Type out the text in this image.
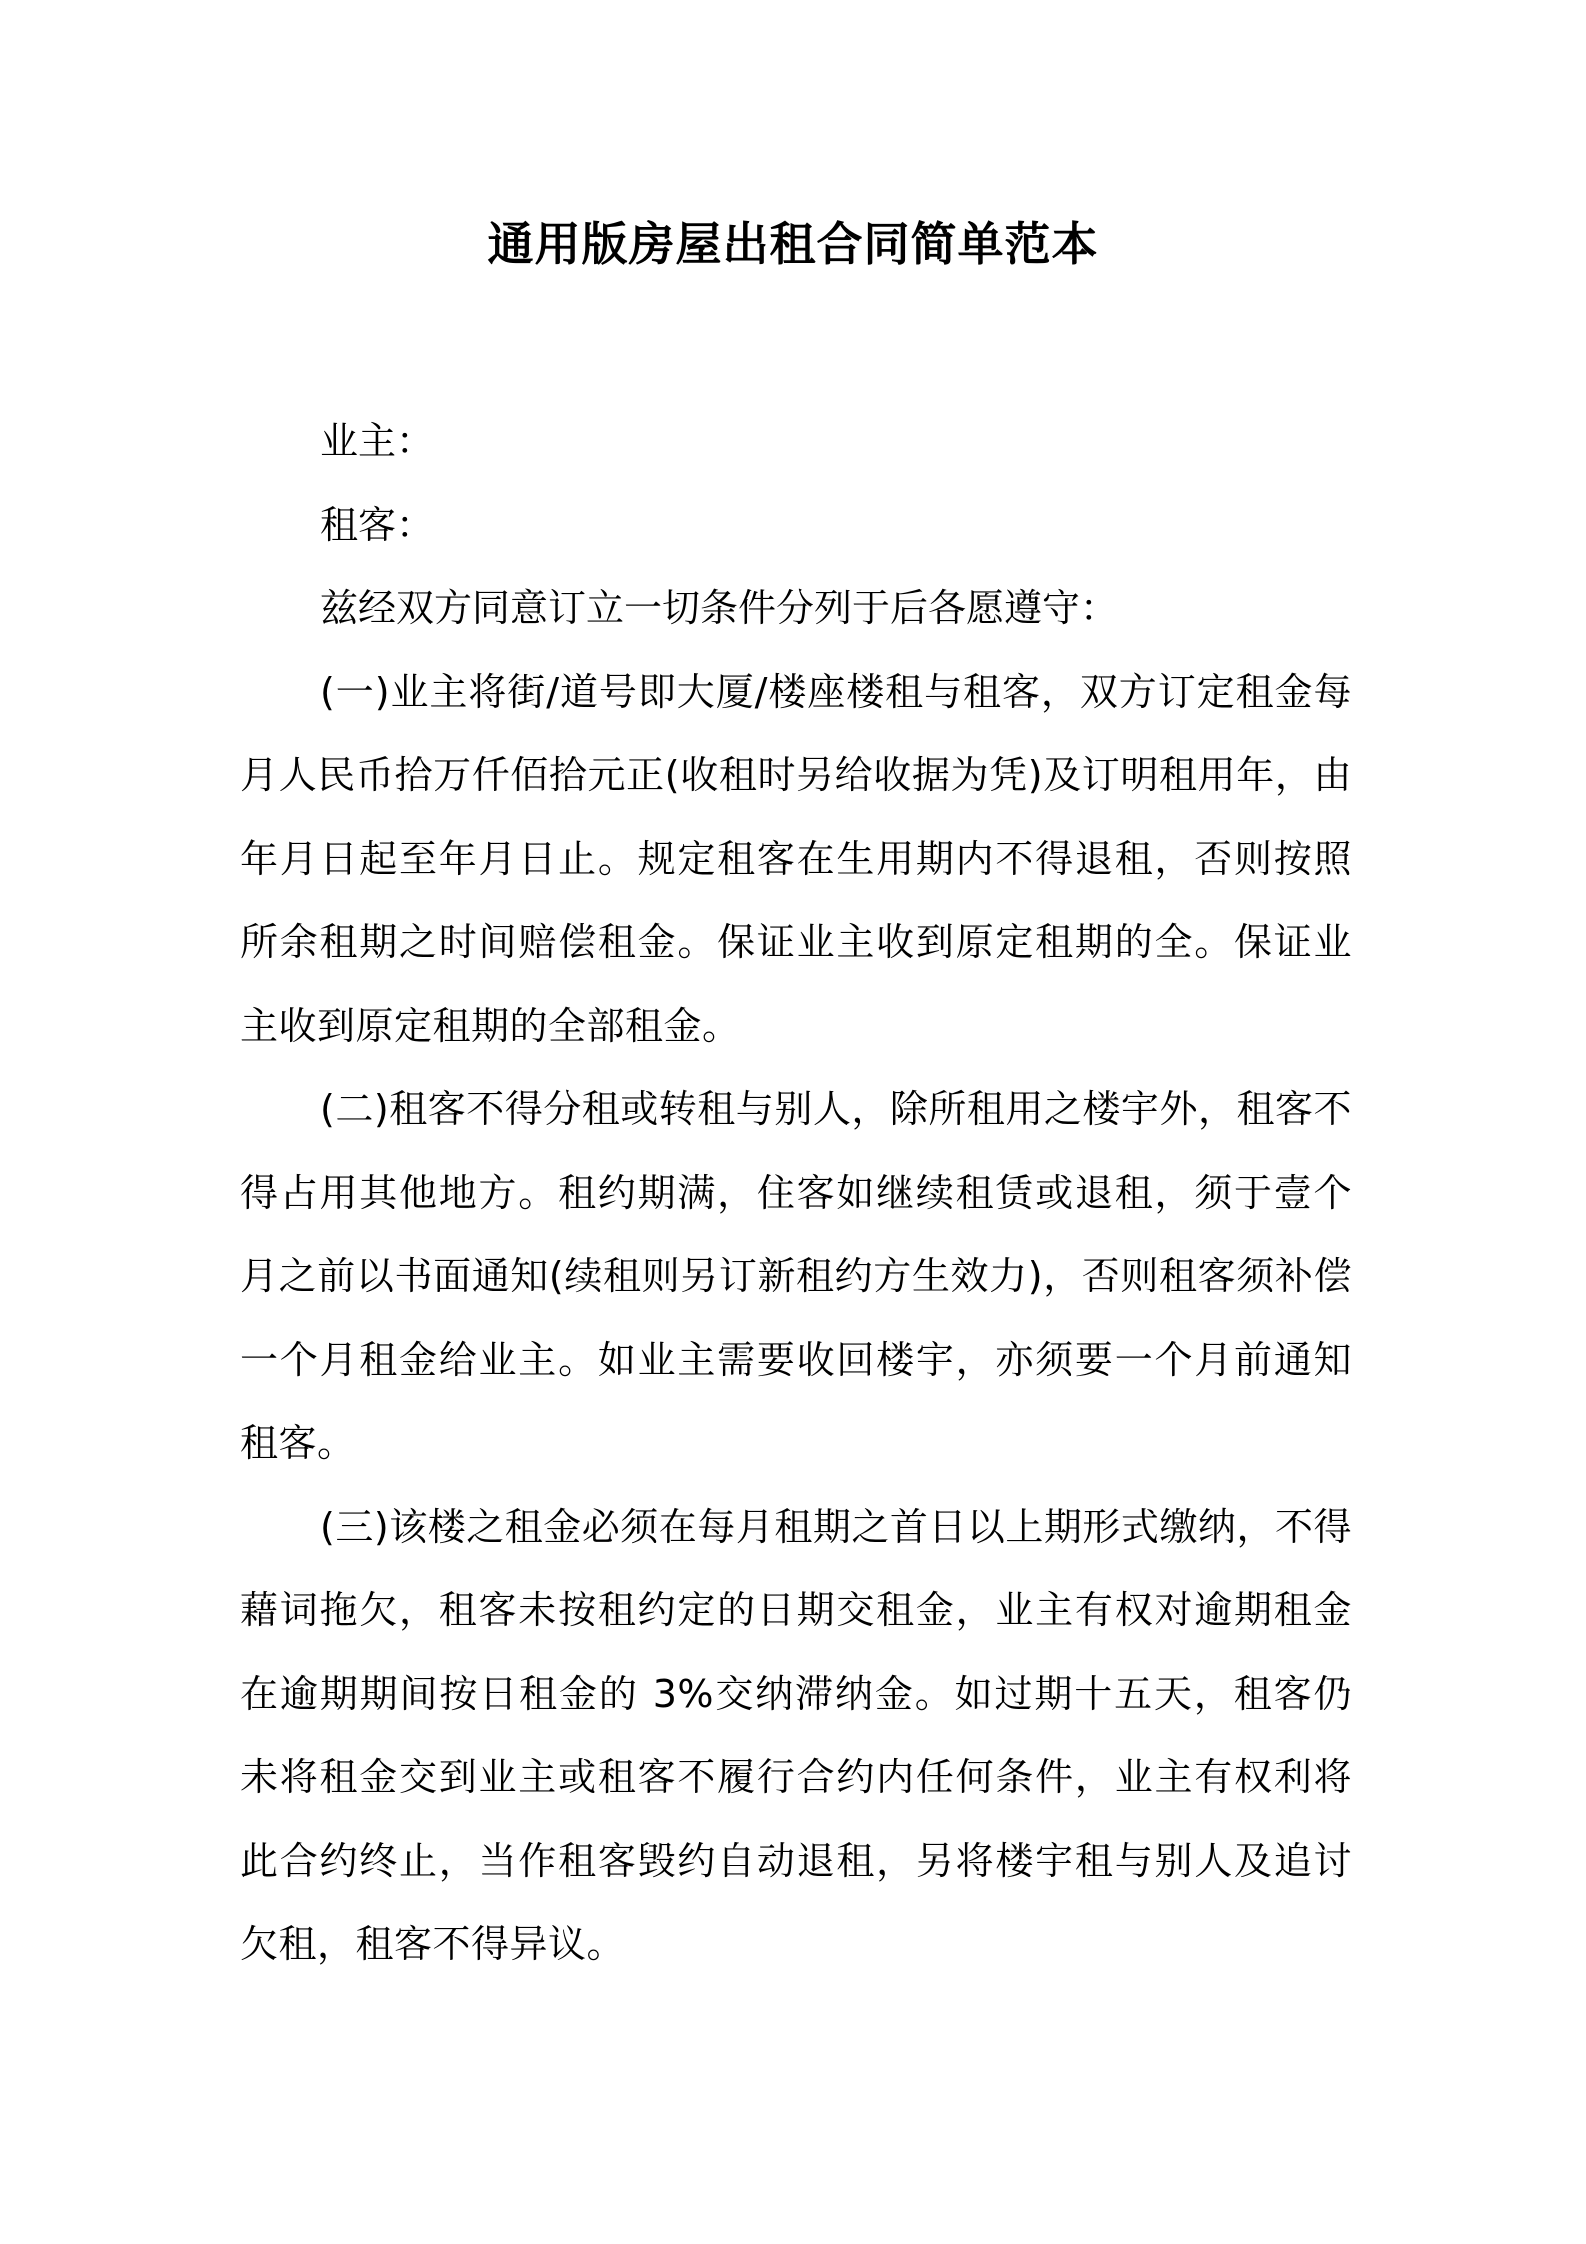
通用版房屋出租合同简单范本

业主：

租客：

兹经双方同意订立一切条件分列于后各愿遵守：

(一)业主将街/道号即大厦/楼座楼租与租客，双方订定租金每月人民币拾万仟佰拾元正(收租时另给收据为凭)及订明租用年，由年月日起至年月日止。规定租客在生用期内不得退租，否则按照所余租期之时间赔偿租金。保证业主收到原定租期的全。保证业主收到原定租期的全部租金。

(二)租客不得分租或转租与别人，除所租用之楼宇外，租客不得占用其他地方。租约期满，住客如继续租赁或退租，须于壹个月之前以书面通知(续租则另订新租约方生效力)，否则租客须补偿一个月租金给业主。如业主需要收回楼宇，亦须要一个月前通知租客。

(三)该楼之租金必须在每月租期之首日以上期形式缴纳，不得藉词拖欠，租客未按租约定的日期交租金，业主有权对逾期租金在逾期期间按日租金的 3%交纳滞纳金。如过期十五天，租客仍未将租金交到业主或租客不履行合约内任何条件，业主有权利将此合约终止，当作租客毁约自动退租，另将楼宇租与别人及追讨欠租，租客不得异议。
